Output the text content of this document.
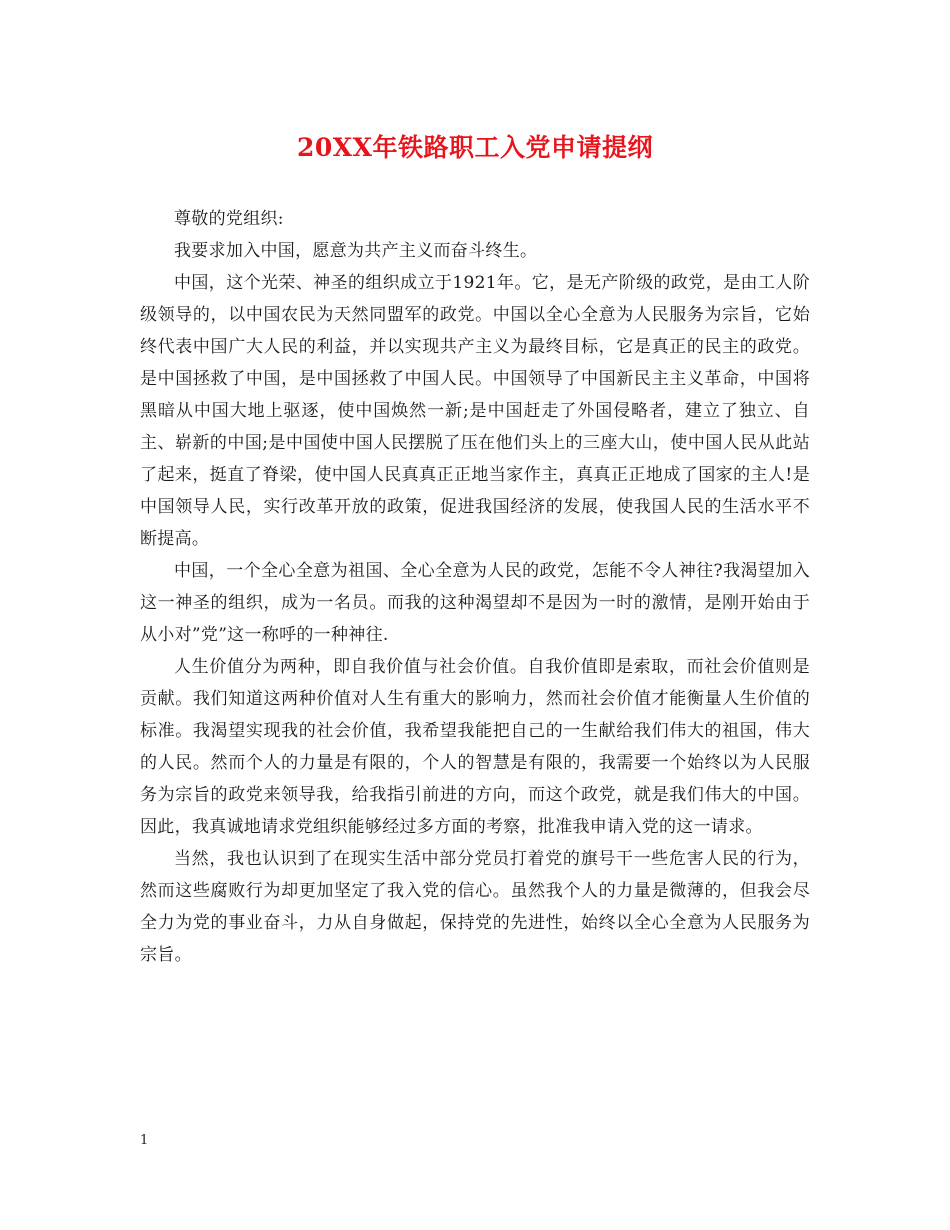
20XX年铁路职工入党申请提纲

尊敬的党组织:

我要求加入中国，愿意为共产主义而奋斗终生。

中国，这个光荣、神圣的组织成立于1921年。它，是无产阶级的政党，是由工人阶级领导的，以中国农民为天然同盟军的政党。中国以全心全意为人民服务为宗旨，它始终代表中国广大人民的利益，并以实现共产主义为最终目标，它是真正的民主的政党。是中国拯救了中国，是中国拯救了中国人民。中国领导了中国新民主主义革命，中国将黑暗从中国大地上驱逐，使中国焕然一新;是中国赶走了外国侵略者，建立了独立、自主、崭新的中国;是中国使中国人民摆脱了压在他们头上的三座大山，使中国人民从此站了起来，挺直了脊梁，使中国人民真真正正地当家作主，真真正正地成了国家的主人!是中国领导人民，实行改革开放的政策，促进我国经济的发展，使我国人民的生活水平不断提高。

中国，一个全心全意为祖国、全心全意为人民的政党，怎能不令人神往?我渴望加入这一神圣的组织，成为一名员。而我的这种渴望却不是因为一时的激情，是刚开始由于从小对”党”这一称呼的一种神往.

人生价值分为两种，即自我价值与社会价值。自我价值即是索取，而社会价值则是贡献。我们知道这两种价值对人生有重大的影响力，然而社会价值才能衡量人生价值的标准。我渴望实现我的社会价值，我希望我能把自己的一生献给我们伟大的祖国，伟大的人民。然而个人的力量是有限的，个人的智慧是有限的，我需要一个始终以为人民服务为宗旨的政党来领导我，给我指引前进的方向，而这个政党，就是我们伟大的中国。因此，我真诚地请求党组织能够经过多方面的考察，批准我申请入党的这一请求。

当然，我也认识到了在现实生活中部分党员打着党的旗号干一些危害人民的行为，然而这些腐败行为却更加坚定了我入党的信心。虽然我个人的力量是微薄的，但我会尽全力为党的事业奋斗，力从自身做起，保持党的先进性，始终以全心全意为人民服务为宗旨。

1
